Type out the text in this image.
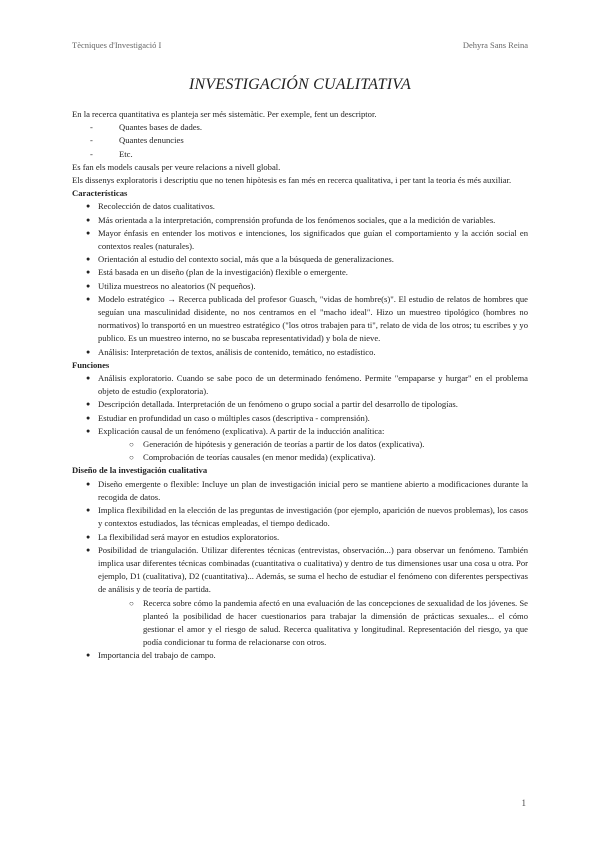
Tècniques d'Investigació I	Dehyra Sans Reina
INVESTIGACIÓN CUALITATIVA

En la recerca quantitativa es planteja ser més sistemàtic. Per exemple, fent un descriptor.

- Quantes bases de dades.
- Quantes denuncies
- Etc.

Es fan els models causals per veure relacions a nivell global.

Els dissenys exploratoris i descriptiu que no tenen hipòtesis es fan més en recerca qualitativa, i per tant la teoria és més auxiliar.

Características

● Recolección de datos cualitativos.
● Más orientada a la interpretación, comprensión profunda de los fenómenos sociales, que a la medición de variables.
● Mayor énfasis en entender los motivos e intenciones, los significados que guían el comportamiento y la acción social en contextos reales (naturales).
● Orientación al estudio del contexto social, más que a la búsqueda de generalizaciones.
● Está basada en un diseño (plan de la investigación) flexible o emergente.
● Utiliza muestreos no aleatorios (N pequeños).
● Modelo estratégico → Recerca publicada del profesor Guasch, "vidas de hombre(s)". El estudio de relatos de hombres que seguían una masculinidad disidente, no nos centramos en el "macho ideal". Hizo un muestreo tipológico (hombres no normativos) lo transportó en un muestreo estratégico ("los otros trabajen para ti", relato de vida de los otros; tu escribes y yo publico. Es un muestreo interno, no se buscaba representatividad) y bola de nieve.
● Análisis: Interpretación de textos, análisis de contenido, temático, no estadístico.

Funciones

● Análisis exploratorio. Cuando se sabe poco de un determinado fenómeno. Permite "empaparse y hurgar" en el problema objeto de estudio (exploratoria).
● Descripción detallada. Interpretación de un fenómeno o grupo social a partir del desarrollo de tipologías.
● Estudiar en profundidad un caso o múltiples casos (descriptiva - comprensión).
● Explicación causal de un fenómeno (explicativa). A partir de la inducción analítica:
○ Generación de hipótesis y generación de teorías a partir de los datos (explicativa).
○ Comprobación de teorías causales (en menor medida) (explicativa).

Diseño de la investigación cualitativa

● Diseño emergente o flexible: Incluye un plan de investigación inicial pero se mantiene abierto a modificaciones durante la recogida de datos.
● Implica flexibilidad en la elección de las preguntas de investigación (por ejemplo, aparición de nuevos problemas), los casos y contextos estudiados, las técnicas empleadas, el tiempo dedicado.
● La flexibilidad será mayor en estudios exploratorios.
● Posibilidad de triangulación. Utilizar diferentes técnicas (entrevistas, observación...) para observar un fenómeno. También implica usar diferentes técnicas combinadas (cuantitativa o cualitativa) y dentro de tus dimensiones usar una cosa u otra. Por ejemplo, D1 (cualitativa), D2 (cuantitativa)... Además, se suma el hecho de estudiar el fenómeno con diferentes perspectivas de análisis y de teoría de partida.
○ Recerca sobre cómo la pandemia afectó en una evaluación de las concepciones de sexualidad de los jóvenes. Se planteó la posibilidad de hacer cuestionarios para trabajar la dimensión de prácticas sexuales... el cómo gestionar el amor y el riesgo de salud. Recerca qualitativa y longitudinal. Representación del riesgo, ya que podía condicionar tu forma de relacionarse con otros.
● Importancia del trabajo de campo.
1
